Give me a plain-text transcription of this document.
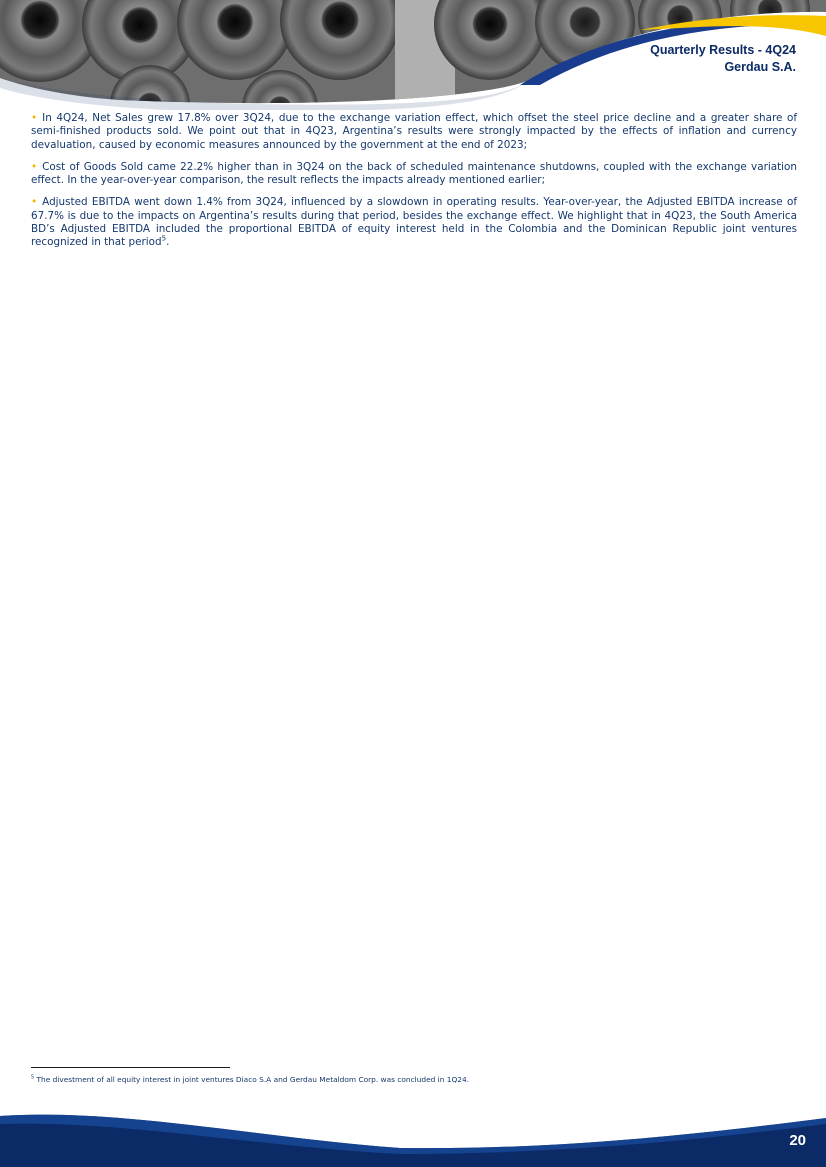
Quarterly Results - 4Q24
Gerdau S.A.

• In 4Q24, Net Sales grew 17.8% over 3Q24, due to the exchange variation effect, which offset the steel price decline and a greater share of semi-finished products sold. We point out that in 4Q23, Argentina’s results were strongly impacted by the effects of inflation and currency devaluation, caused by economic measures announced by the government at the end of 2023;

• Cost of Goods Sold came 22.2% higher than in 3Q24 on the back of scheduled maintenance shutdowns, coupled with the exchange variation effect. In the year-over-year comparison, the result reflects the impacts already mentioned earlier;

• Adjusted EBITDA went down 1.4% from 3Q24, influenced by a slowdown in operating results. Year-over-year, the Adjusted EBITDA increase of 67.7% is due to the impacts on Argentina’s results during that period, besides the exchange effect. We highlight that in 4Q23, the South America BD’s Adjusted EBITDA included the proportional EBITDA of equity interest held in the Colombia and the Dominican Republic joint ventures recognized in that period$^5$.

$^5$ The divestment of all equity interest in joint ventures Diaco S.A and Gerdau Metaldom Corp. was concluded in 1Q24.
20
